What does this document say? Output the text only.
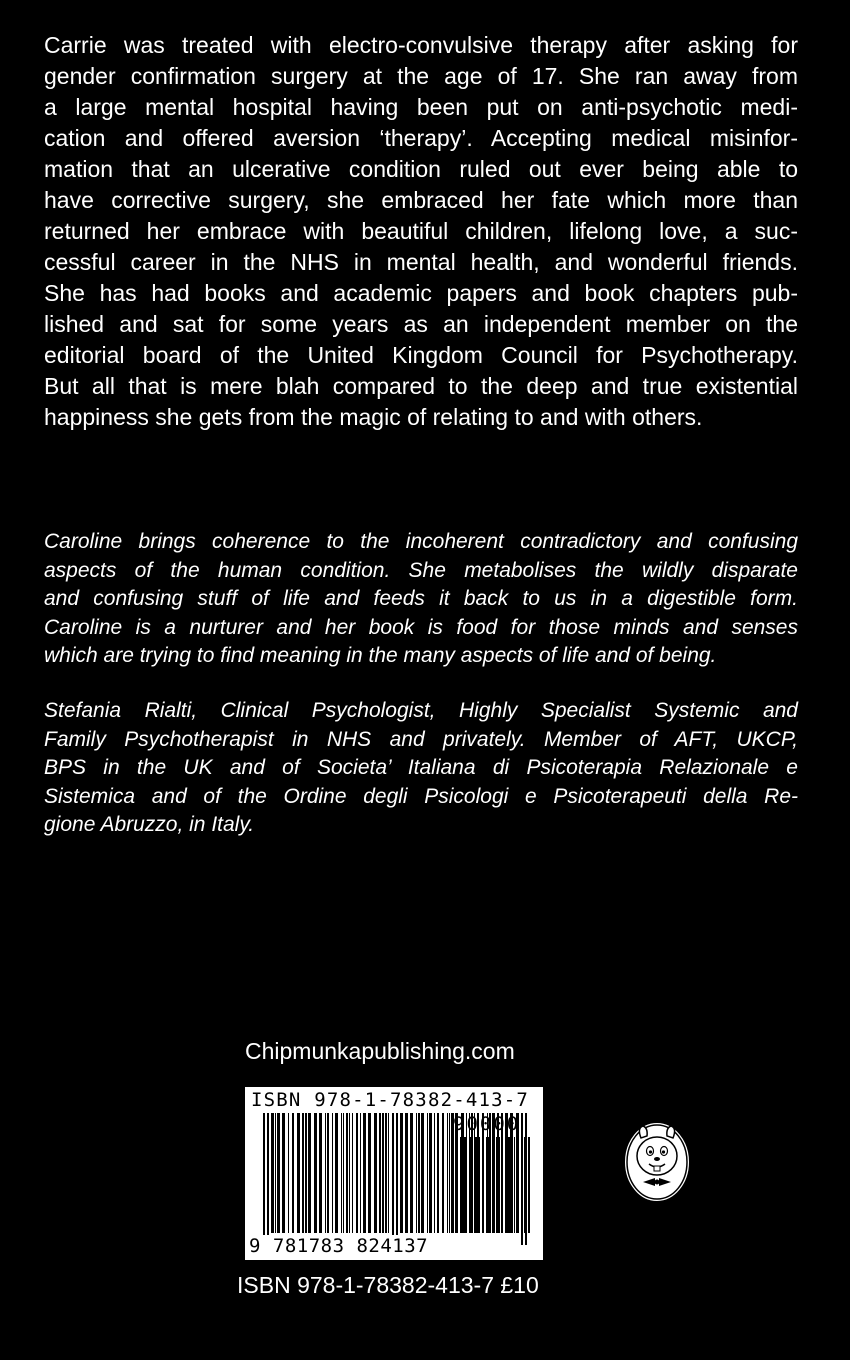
Carrie was treated with electro-convulsive therapy after asking for
gender confirmation surgery at the age of 17. She ran away from
a large mental hospital having been put on anti-psychotic medi-
cation and offered aversion ‘therapy’. Accepting medical misinfor-
mation that an ulcerative condition ruled out ever being able to
have corrective surgery, she embraced her fate which more than
returned her embrace with beautiful children, lifelong love, a suc-
cessful career in the NHS in mental health, and wonderful friends.
She has had books and academic papers and book chapters pub-
lished and sat for some years as an independent member on the
editorial board of the United Kingdom Council for Psychotherapy.
But all that is mere blah compared to the deep and true existential
happiness she gets from the magic of relating to and with others.
Caroline brings coherence to the incoherent contradictory and confusing
aspects of the human condition. She metabolises the wildly disparate
and confusing stuff of life and feeds it back to us in a digestible form.
Caroline is a nurturer and her book is food for those minds and senses
which are trying to find meaning in the many aspects of life and of being.
Stefania Rialti, Clinical Psychologist, Highly Specialist Systemic and
Family Psychotherapist in NHS and privately. Member of AFT, UKCP,
BPS in the UK and of Societa’ Italiana di Psicoterapia Relazionale e
Sistemica and of the Ordine degli Psicologi e Psicoterapeuti della Re-
gione Abruzzo, in Italy.
Chipmunkapublishing.com
ISBN 978-1-78382-413-7
90000
9 781783 824137
ISBN 978-1-78382-413-7 £10
